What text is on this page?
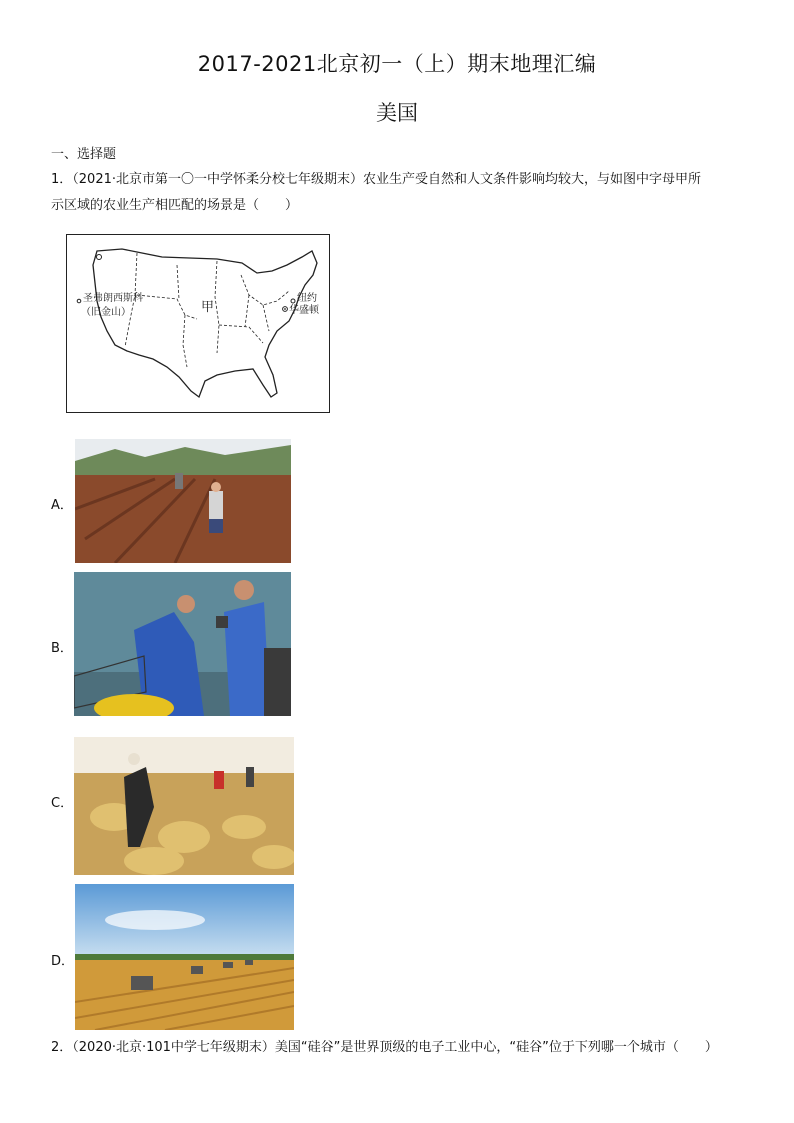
2017-2021北京初一（上）期末地理汇编
美国
一、选择题
1．（2021·北京市第一〇一中学怀柔分校七年级期末）农业生产受自然和人文条件影响均较大，与如图中字母甲所
示区域的农业生产相匹配的场景是（　　）
圣弗朗西斯科
（旧金山）	甲
纽约
华盛顿
A．
B．
C．
D．
2．（2020·北京·101中学七年级期末）美国“硅谷”是世界顶级的电子工业中心，“硅谷”位于下列哪一个城市（　　）
